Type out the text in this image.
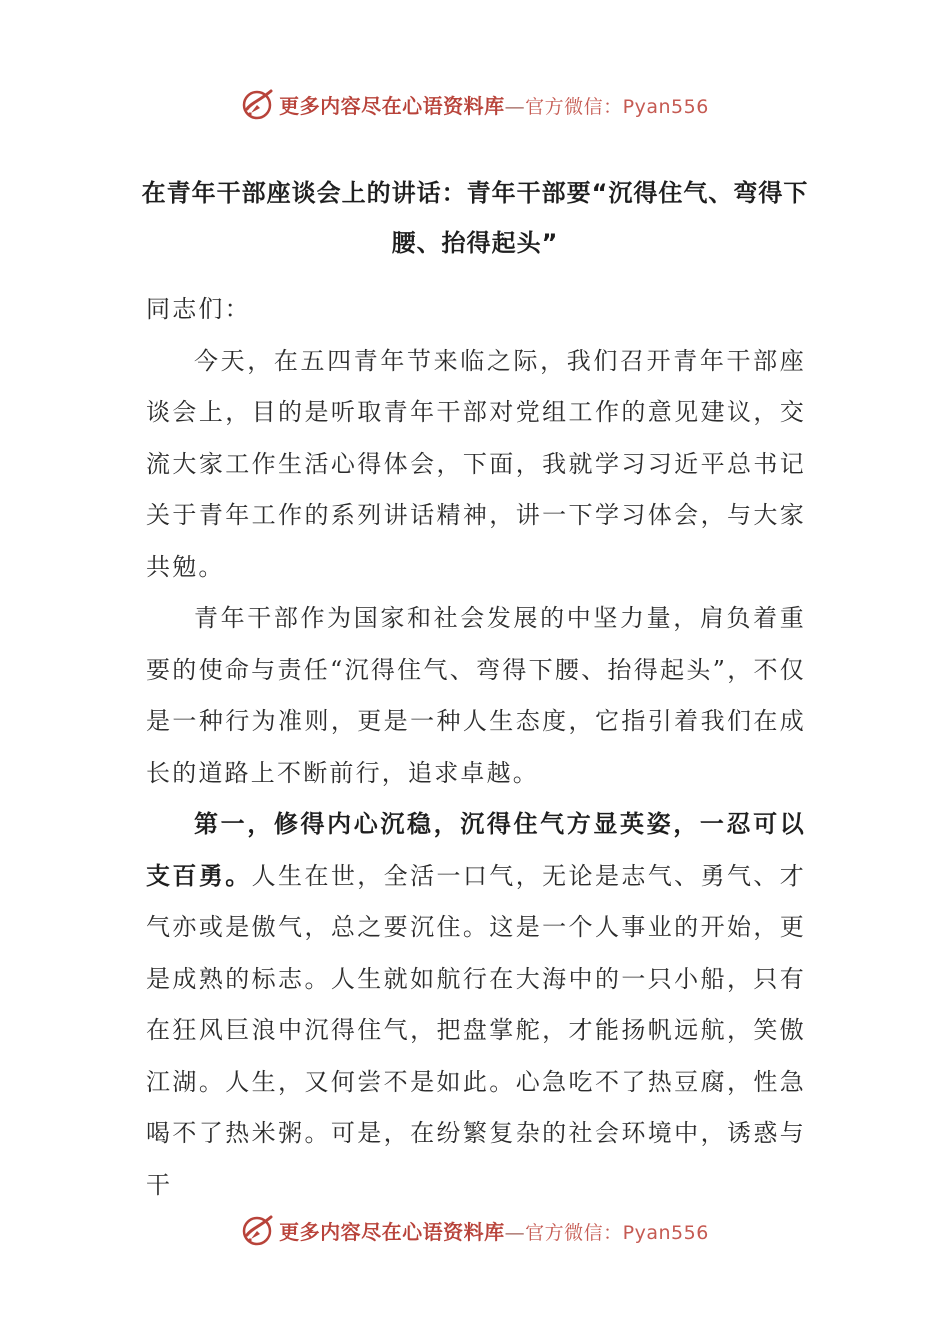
更多内容尽在心语资料库—官方微信：Pyan556
在青年干部座谈会上的讲话：青年干部要“沉得住气、弯得下腰、抬得起头”

同志们：

今天，在五四青年节来临之际，我们召开青年干部座谈会上，目的是听取青年干部对党组工作的意见建议，交流大家工作生活心得体会，下面，我就学习习近平总书记关于青年工作的系列讲话精神，讲一下学习体会，与大家共勉。

青年干部作为国家和社会发展的中坚力量，肩负着重要的使命与责任“沉得住气、弯得下腰、抬得起头”，不仅是一种行为准则，更是一种人生态度，它指引着我们在成长的道路上不断前行，追求卓越。

第一，修得内心沉稳，沉得住气方显英姿，一忍可以支百勇。人生在世，全活一口气，无论是志气、勇气、才气亦或是傲气，总之要沉住。这是一个人事业的开始，更是成熟的标志。人生就如航行在大海中的一只小船，只有在狂风巨浪中沉得住气，把盘掌舵，才能扬帆远航，笑傲江湖。人生，又何尝不是如此。心急吃不了热豆腐，性急喝不了热米粥。可是，在纷繁复杂的社会环境中，诱惑与干

更多内容尽在心语资料库—官方微信：Pyan556
